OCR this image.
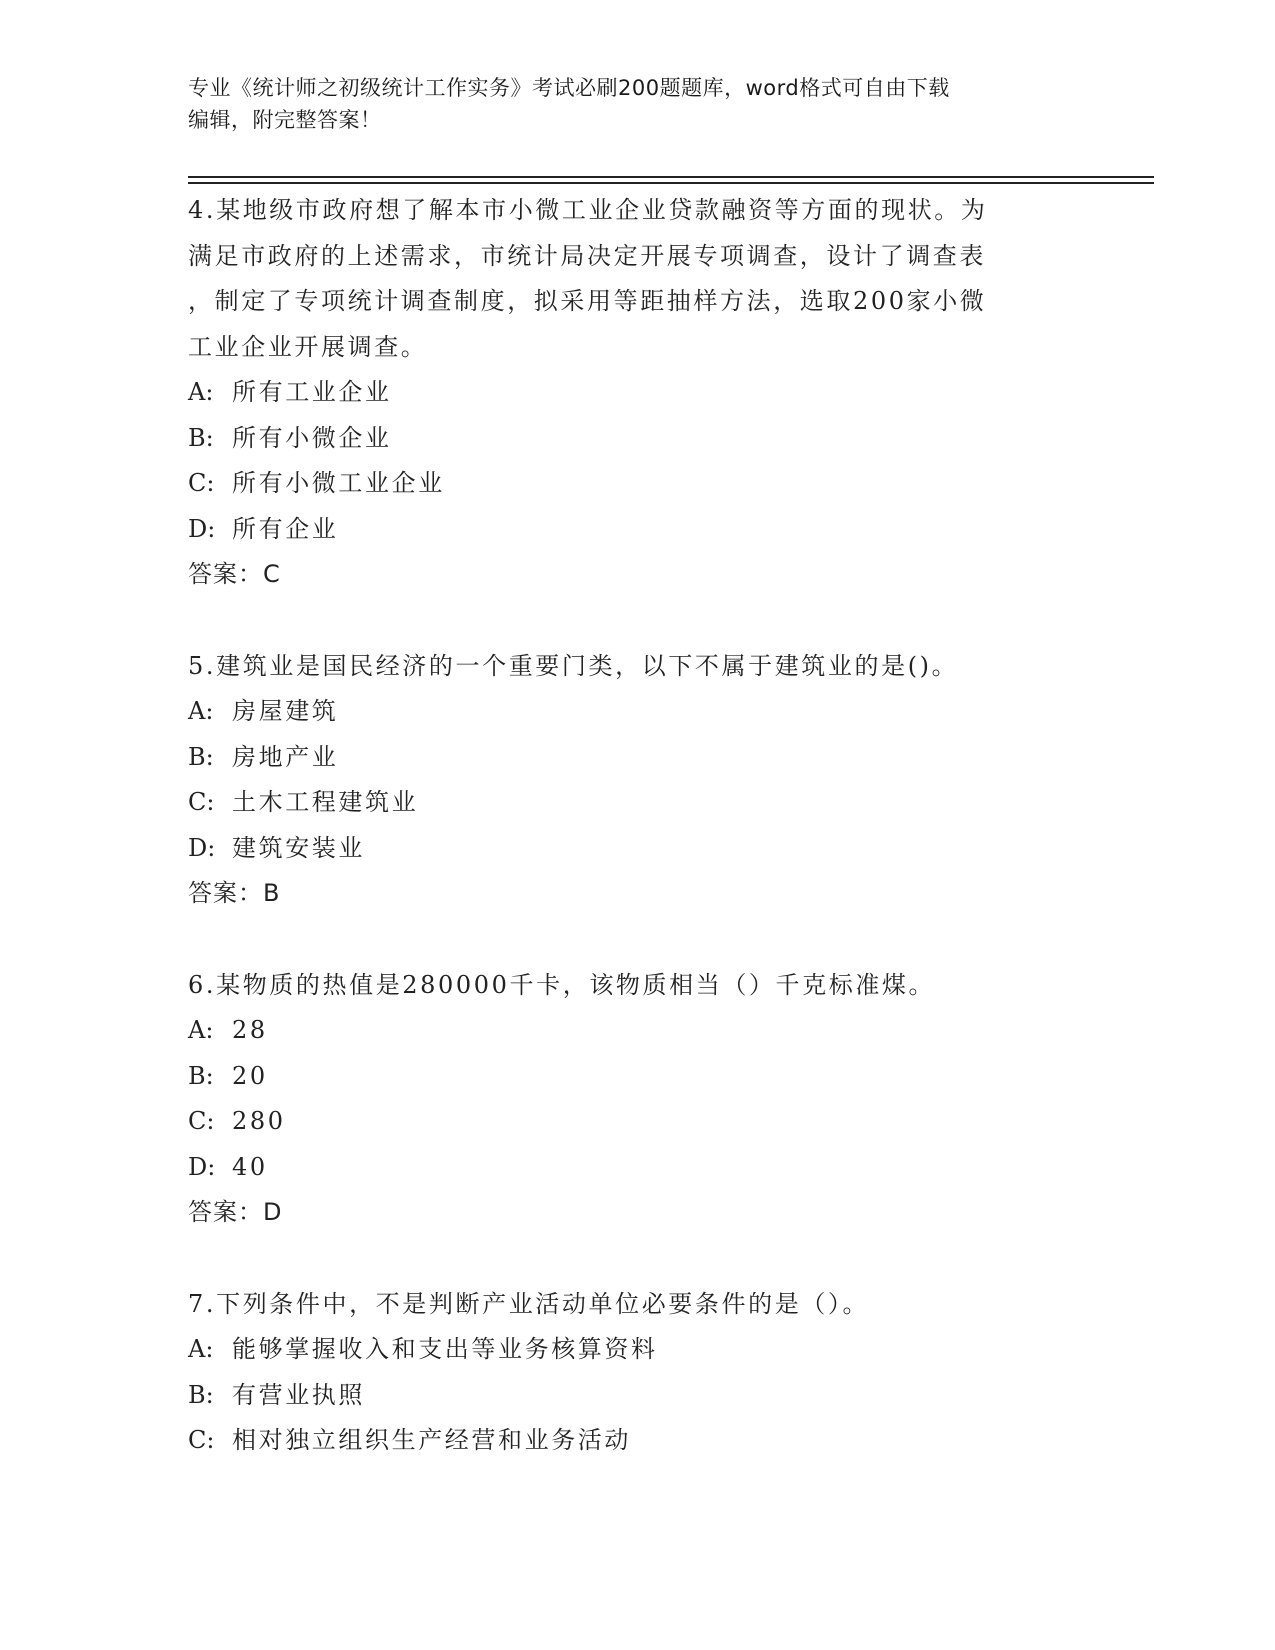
专业《统计师之初级统计工作实务》考试必刷200题题库，word格式可自由下载
编辑，附完整答案！
4.某地级市政府想了解本市小微工业企业贷款融资等方面的现状。为
满足市政府的上述需求，市统计局决定开展专项调查，设计了调查表
，制定了专项统计调查制度，拟采用等距抽样方法，选取200家小微
工业企业开展调查。
A: 所有工业企业
B: 所有小微企业
C: 所有小微工业企业
D: 所有企业
答案：C
5.建筑业是国民经济的一个重要门类，以下不属于建筑业的是()。
A: 房屋建筑
B: 房地产业
C: 土木工程建筑业
D: 建筑安装业
答案：B
6.某物质的热值是280000千卡，该物质相当（）千克标准煤。
A: 28
B: 20
C: 280
D: 40
答案：D
7.下列条件中，不是判断产业活动单位必要条件的是（）。
A: 能够掌握收入和支出等业务核算资料
B: 有营业执照
C: 相对独立组织生产经营和业务活动
